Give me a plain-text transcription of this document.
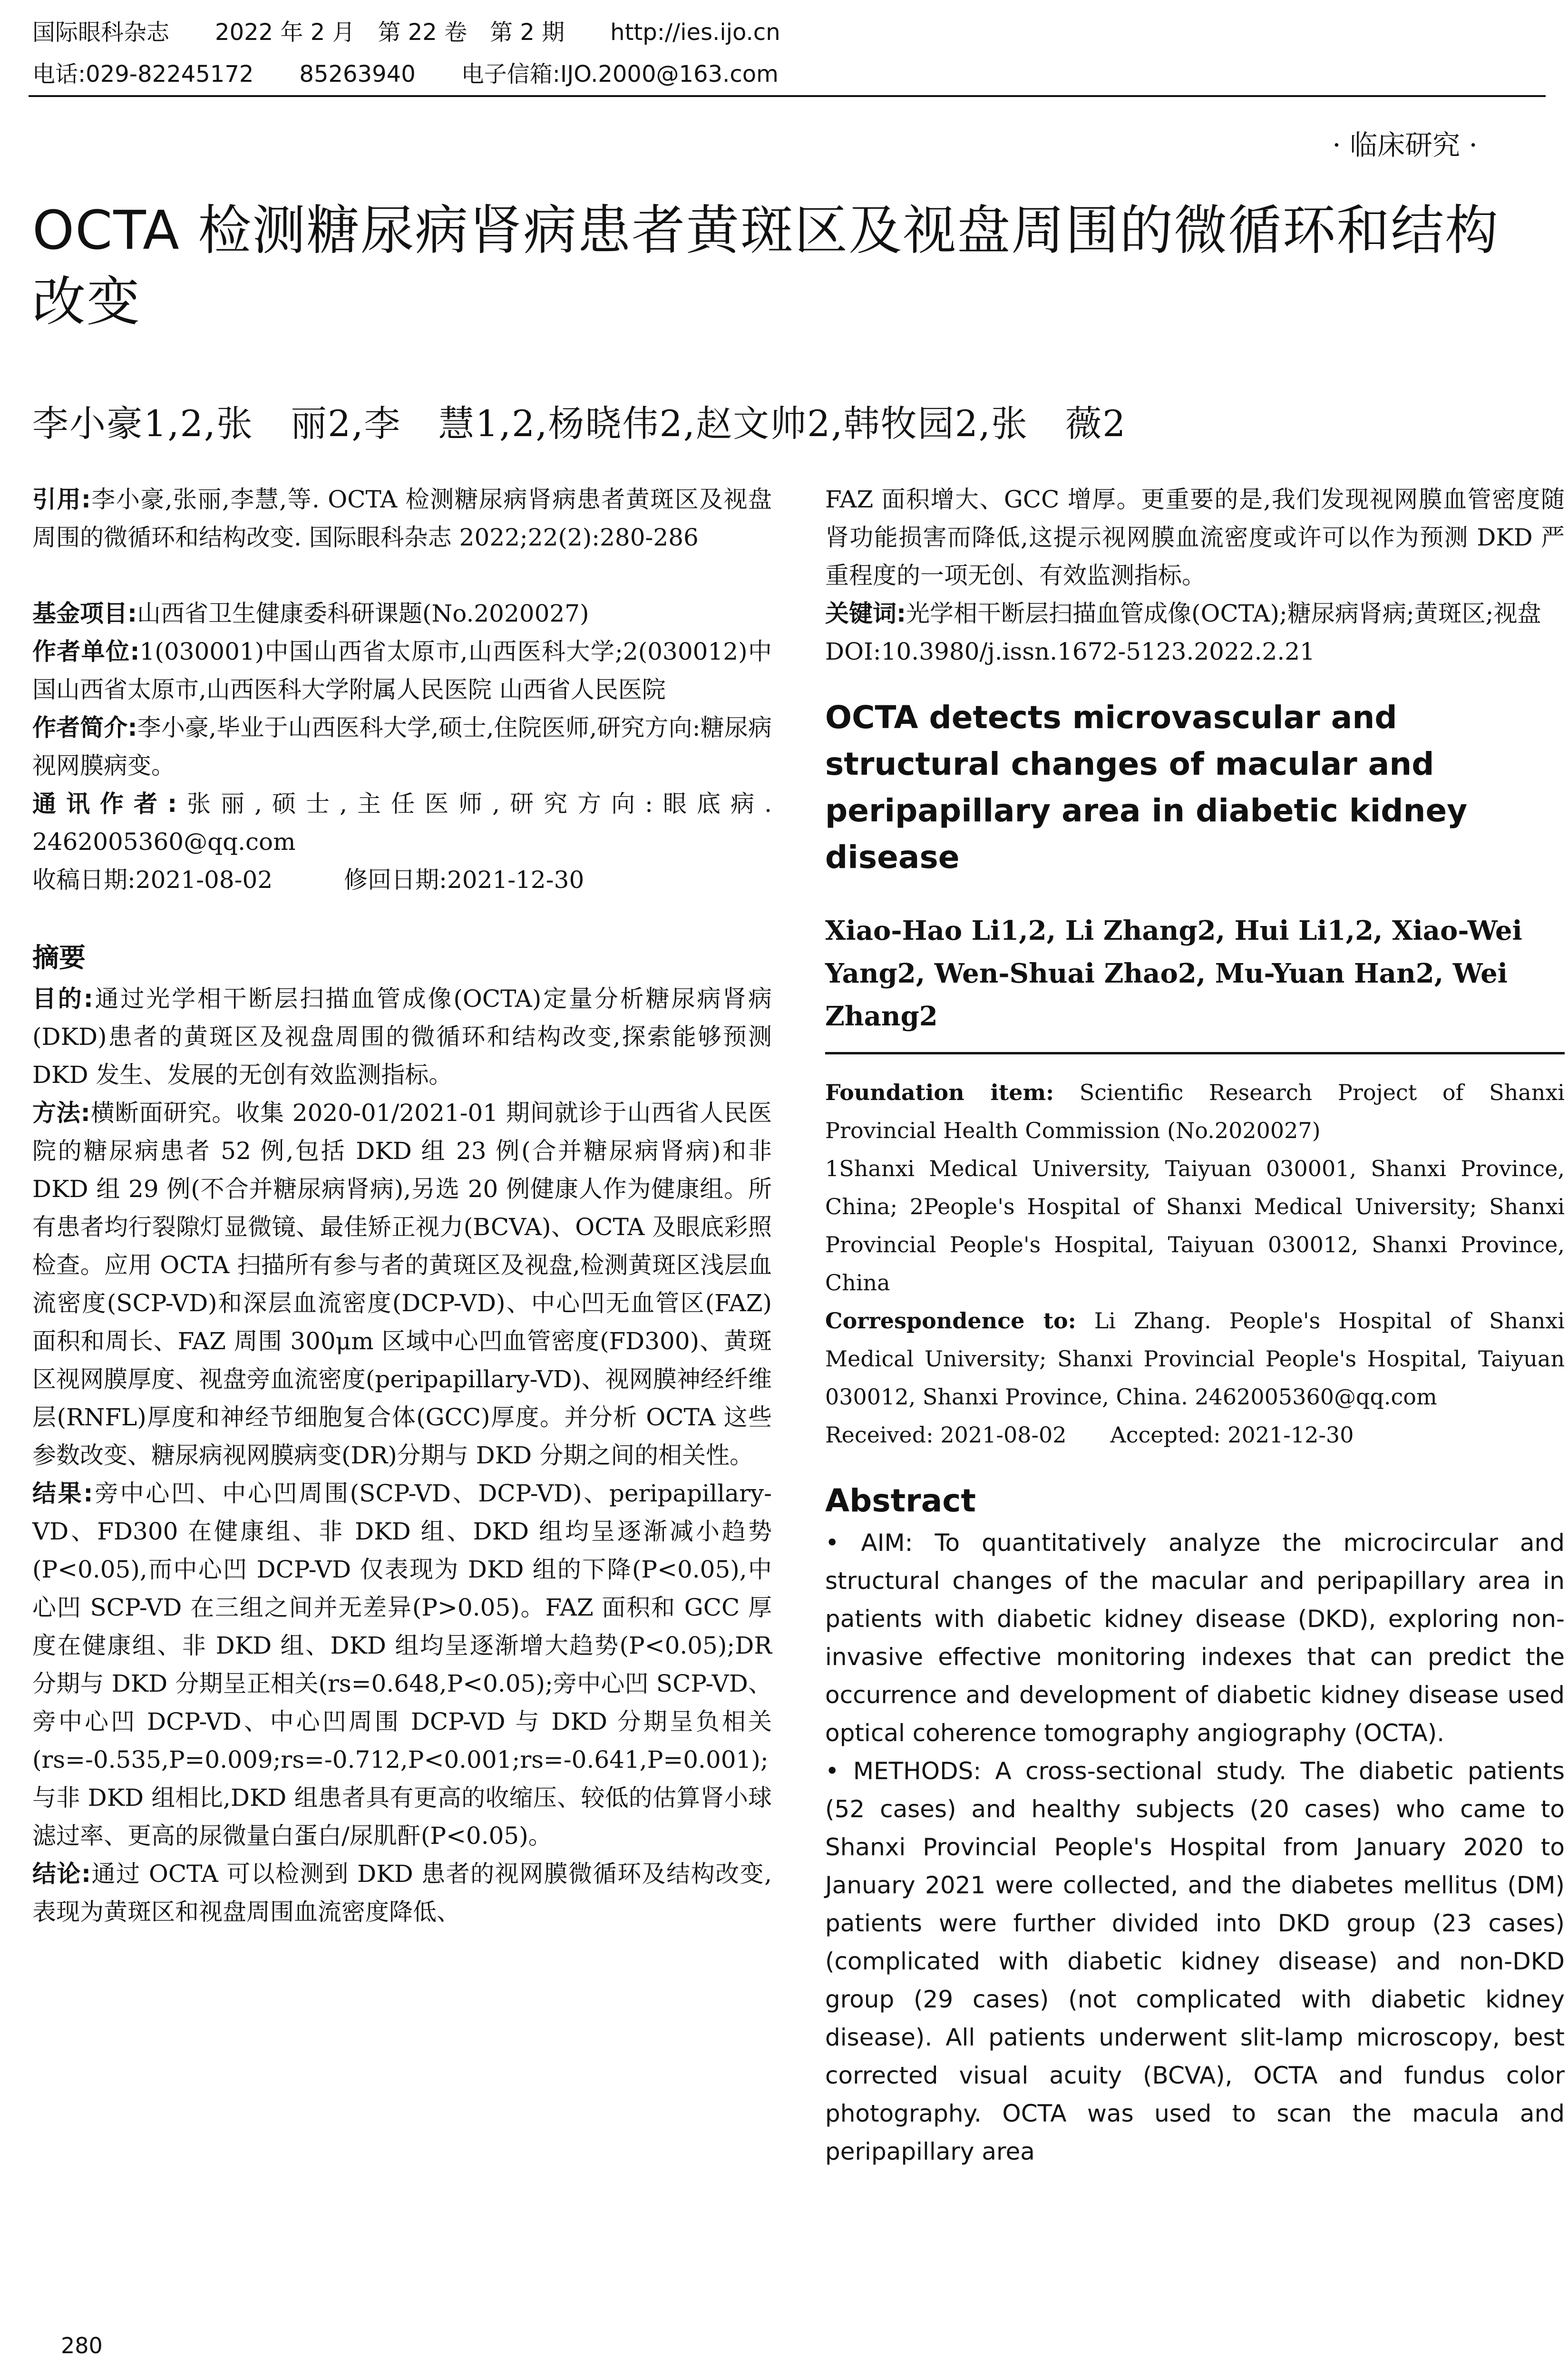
国际眼科杂志　　 2022 年 2 月　第 22 卷　第 2 期　　 http://ies.ijo.cn
电话:029-82245172　　85263940　　 电子信箱:IJO.2000@163.com
· 临床研究 ·
OCTA 检测糖尿病肾病患者黄斑区及视盘周围的微循环和结构改变
李小豪1,2,张　丽2,李　慧1,2,杨晓伟2,赵文帅2,韩牧园2,张　薇2

引用:李小豪,张丽,李慧,等. OCTA 检测糖尿病肾病患者黄斑区及视盘周围的微循环和结构改变. 国际眼科杂志 2022;22(2):280-286

基金项目:山西省卫生健康委科研课题(No.2020027)

作者单位:1(030001)中国山西省太原市,山西医科大学;2(030012)中国山西省太原市,山西医科大学附属人民医院 山西省人民医院

作者简介:李小豪,毕业于山西医科大学,硕士,住院医师,研究方向:糖尿病视网膜病变。

通讯作者:张丽,硕士,主任医师,研究方向:眼底病. 2462005360@qq.com

收稿日期:2021-08-02　　　修回日期:2021-12-30

摘要

目的:通过光学相干断层扫描血管成像(OCTA)定量分析糖尿病肾病(DKD)患者的黄斑区及视盘周围的微循环和结构改变,探索能够预测 DKD 发生、发展的无创有效监测指标。

方法:横断面研究。收集 2020-01/2021-01 期间就诊于山西省人民医院的糖尿病患者 52 例,包括 DKD 组 23 例(合并糖尿病肾病)和非 DKD 组 29 例(不合并糖尿病肾病),另选 20 例健康人作为健康组。所有患者均行裂隙灯显微镜、最佳矫正视力(BCVA)、OCTA 及眼底彩照检查。应用 OCTA 扫描所有参与者的黄斑区及视盘,检测黄斑区浅层血流密度(SCP-VD)和深层血流密度(DCP-VD)、中心凹无血管区(FAZ)面积和周长、FAZ 周围 300μm 区域中心凹血管密度(FD300)、黄斑区视网膜厚度、视盘旁血流密度(peripapillary-VD)、视网膜神经纤维层(RNFL)厚度和神经节细胞复合体(GCC)厚度。并分析 OCTA 这些参数改变、糖尿病视网膜病变(DR)分期与 DKD 分期之间的相关性。

结果:旁中心凹、中心凹周围(SCP-VD、DCP-VD)、peripapillary-VD、FD300 在健康组、非 DKD 组、DKD 组均呈逐渐减小趋势(P<0.05),而中心凹 DCP-VD 仅表现为 DKD 组的下降(P<0.05),中心凹 SCP-VD 在三组之间并无差异(P>0.05)。FAZ 面积和 GCC 厚度在健康组、非 DKD 组、DKD 组均呈逐渐增大趋势(P<0.05);DR 分期与 DKD 分期呈正相关(rs=0.648,P<0.05);旁中心凹 SCP-VD、旁中心凹 DCP-VD、中心凹周围 DCP-VD 与 DKD 分期呈负相关(rs=-0.535,P=0.009;rs=-0.712,P<0.001;rs=-0.641,P=0.001);与非 DKD 组相比,DKD 组患者具有更高的收缩压、较低的估算肾小球滤过率、更高的尿微量白蛋白/尿肌酐(P<0.05)。

结论:通过 OCTA 可以检测到 DKD 患者的视网膜微循环及结构改变,表现为黄斑区和视盘周围血流密度降低、

FAZ 面积增大、GCC 增厚。更重要的是,我们发现视网膜血管密度随肾功能损害而降低,这提示视网膜血流密度或许可以作为预测 DKD 严重程度的一项无创、有效监测指标。

关键词:光学相干断层扫描血管成像(OCTA);糖尿病肾病;黄斑区;视盘

DOI:10.3980/j.issn.1672-5123.2022.2.21

OCTA detects microvascular and structural changes of macular and peripapillary area in diabetic kidney disease

Xiao-Hao Li1,2, Li Zhang2, Hui Li1,2, Xiao-Wei Yang2, Wen-Shuai Zhao2, Mu-Yuan Han2, Wei Zhang2

Foundation item: Scientific Research Project of Shanxi Provincial Health Commission (No.2020027)

1Shanxi Medical University, Taiyuan 030001, Shanxi Province, China; 2People's Hospital of Shanxi Medical University; Shanxi Provincial People's Hospital, Taiyuan 030012, Shanxi Province, China

Correspondence to: Li Zhang. People's Hospital of Shanxi Medical University; Shanxi Provincial People's Hospital, Taiyuan 030012, Shanxi Province, China. 2462005360@qq.com

Received: 2021-08-02　　Accepted: 2021-12-30

Abstract

• AIM: To quantitatively analyze the microcircular and structural changes of the macular and peripapillary area in patients with diabetic kidney disease (DKD), exploring non-invasive effective monitoring indexes that can predict the occurrence and development of diabetic kidney disease used optical coherence tomography angiography (OCTA).

• METHODS: A cross-sectional study. The diabetic patients (52 cases) and healthy subjects (20 cases) who came to Shanxi Provincial People's Hospital from January 2020 to January 2021 were collected, and the diabetes mellitus (DM) patients were further divided into DKD group (23 cases) (complicated with diabetic kidney disease) and non-DKD group (29 cases) (not complicated with diabetic kidney disease). All patients underwent slit-lamp microscopy, best corrected visual acuity (BCVA), OCTA and fundus color photography. OCTA was used to scan the macula and peripapillary area

280
